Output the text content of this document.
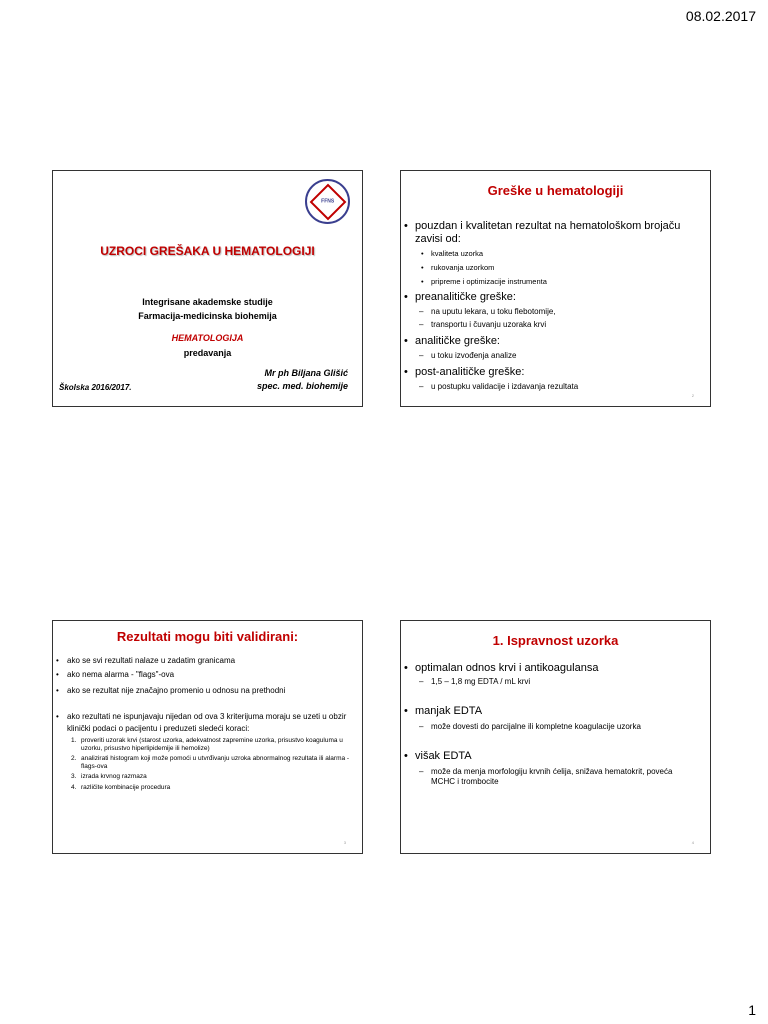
08.02.2017
FFNS
UZROCI GREŠAKA U HEMATOLOGIJI
Integrisane akademske studije
Farmacija-medicinska biohemija
HEMATOLOGIJA
predavanja
Mr ph Biljana Glišić
spec. med. biohemije
Školska 2016/2017.
Greške u hematologiji
• pouzdan i kvalitetan rezultat na hematološkom brojaču zavisi od:
• kvaliteta uzorka
• rukovanja uzorkom
• pripreme i optimizacije instrumenta
• preanalitičke greške:
– na uputu lekara, u toku flebotomije,
– transportu i čuvanju uzoraka krvi
• analitičke greške:
– u toku izvođenja analize
• post-analitičke greške:
– u postupku validacije i izdavanja rezultata
2
Rezultati mogu biti validirani:
• ako se svi rezultati nalaze u zadatim granicama
• ako nema alarma - "flags"-ova
• ako se rezultat nije značajno promenio u odnosu na prethodni
• ako rezultati ne ispunjavaju nijedan od ova 3 kriterijuma moraju se uzeti u obzir klinički podaci o pacijentu i preduzeti sledeći koraci:
1. proveriti uzorak krvi (starost uzorka, adekvatnost zapremine uzorka, prisustvo koaguluma u uzorku, prisustvo hiperlipidemije ili hemolize)
2. analizirati histogram koji može pomoći u utvrđivanju uzroka abnormalnog rezultata ili alarma - flags-ova
3. izrada krvnog razmaza
4. različite kombinacije procedura
3
1. Ispravnost uzorka
• optimalan odnos krvi i antikoagulansa
– 1,5 – 1,8 mg EDTA / mL krvi
• manjak EDTA
– može dovesti do parcijalne ili kompletne koagulacije uzorka
• višak EDTA
– može da menja morfologiju krvnih ćelija, snižava hematokrit, povećа MCHC i trombocite
4
1
